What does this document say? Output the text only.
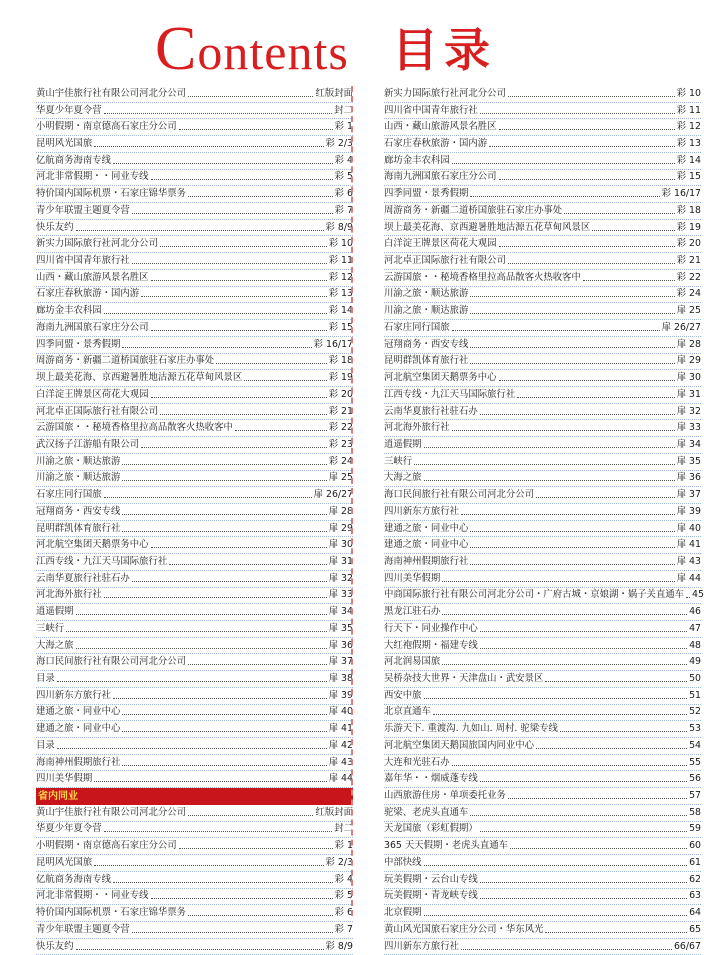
Contents 目录
黄山宇佳旅行社有限公司河北分公司	红版封面
华夏少年夏令营	封二
小明假期・南京德高石家庄分公司	彩 1
昆明风光国旅	彩 2/3
亿航商务海南专线	彩 4
河北非常假期・・同业专线	彩 5
特价国内国际机票・石家庄锦华票务	彩 6
青少年联盟主题夏令营	彩 7
快乐友约	彩 8/9
新实力国际旅行社河北分公司	彩 10
四川省中国青年旅行社	彩 11
山西・藏山旅游风景名胜区	彩 12
石家庄春秋旅游・国内游	彩 13
廊坊金丰农科园	彩 14
海南九洲国旅石家庄分公司	彩 15
四季同盟・景秀假期	彩 16/17
周游商务・新疆二道桥国旅驻石家庄办事处	彩 18
坝上最美花海、京西避暑胜地沽源五花草甸风景区	彩 19
白洋淀王牌景区荷花大观园	彩 20
河北卓正国际旅行社有限公司	彩 21
云游国旅・・秘境香格里拉高品散客火热收客中	彩 22
武汉扬子江游船有限公司	彩 23
川渝之旅・顺达旅游	彩 24
川渝之旅・顺达旅游	扉 25
石家庄同行国旅	扉 26/27
冠翔商务・西安专线	扉 28
昆明群凯体育旅行社	扉 29
河北航空集团天鹅票务中心	扉 30
江西专线・九江天马国际旅行社	扉 31
云南华夏旅行社驻石办	扉 32
河北海外旅行社	扉 33
逍遥假期	扉 34
三峡行	扉 35
大海之旅	扉 36
海口民间旅行社有限公司河北分公司	扉 37
目录	扉 38
四川新东方旅行社	扉 39
建通之旅・同业中心	扉 40
建通之旅・同业中心	扉 41
目录	扉 42
海南神州假期旅行社	扉 43
四川美华假期	扉 44
省内同业
黄山宇佳旅行社有限公司河北分公司	红版封面
华夏少年夏令营	封二
小明假期・南京德高石家庄分公司	彩 1
昆明风光国旅	彩 2/3
亿航商务海南专线	彩 4
河北非常假期・・同业专线	彩 5
特价国内国际机票・石家庄锦华票务	彩 6
青少年联盟主题夏令营	彩 7
快乐友约	彩 8/9
新实力国际旅行社河北分公司	彩 10
四川省中国青年旅行社	彩 11
山西・藏山旅游风景名胜区	彩 12
石家庄春秋旅游・国内游	彩 13
廊坊金丰农科园	彩 14
海南九洲国旅石家庄分公司	彩 15
四季同盟・景秀假期	彩 16/17
周游商务・新疆二道桥国旅驻石家庄办事处	彩 18
坝上最美花海、京西避暑胜地沽源五花草甸风景区	彩 19
白洋淀王牌景区荷花大观园	彩 20
河北卓正国际旅行社有限公司	彩 21
云游国旅・・秘境香格里拉高品散客火热收客中	彩 22
川渝之旅・顺达旅游	彩 24
川渝之旅・顺达旅游	扉 25
石家庄同行国旅	扉 26/27
冠翔商务・西安专线	扉 28
昆明群凯体育旅行社	扉 29
河北航空集团天鹅票务中心	扉 30
江西专线・九江天马国际旅行社	扉 31
云南华夏旅行社驻石办	扉 32
河北海外旅行社	扉 33
逍遥假期	扉 34
三峡行	扉 35
大海之旅	扉 36
海口民间旅行社有限公司河北分公司	扉 37
四川新东方旅行社	扉 39
建通之旅・同业中心	扉 40
建通之旅・同业中心	扉 41
海南神州假期旅行社	扉 43
四川美华假期	扉 44
中商国际旅行社有限公司河北分公司・广府古城・京娘湖・娲子关直通车 45
黑龙江驻石办	46
行天下・同业操作中心	47
大红袍假期・福建专线	48
河北润易国旅	49
吴桥杂技大世界・天津盘山・武安景区	50
西安中旅	51
北京直通车	52
乐游天下. 重渡沟. 九如山. 周村. 驼梁专线	53
河北航空集团天鹅国旅国内同业中心	54
大连和光驻石办	55
嘉年华・・烟威蓬专线	56
山西旅游住房・单项委托业务	57
驼梁、老虎头直通车	58
天龙国旅（彩虹假期）	59
365 天天假期・老虎头直通车	60
中部快线	61
玩美假期・云台山专线	62
玩美假期・青龙峡专线	63
北京假期	64
黄山风光国旅石家庄分公司・华东风光	65
四川新东方旅行社	66/67
